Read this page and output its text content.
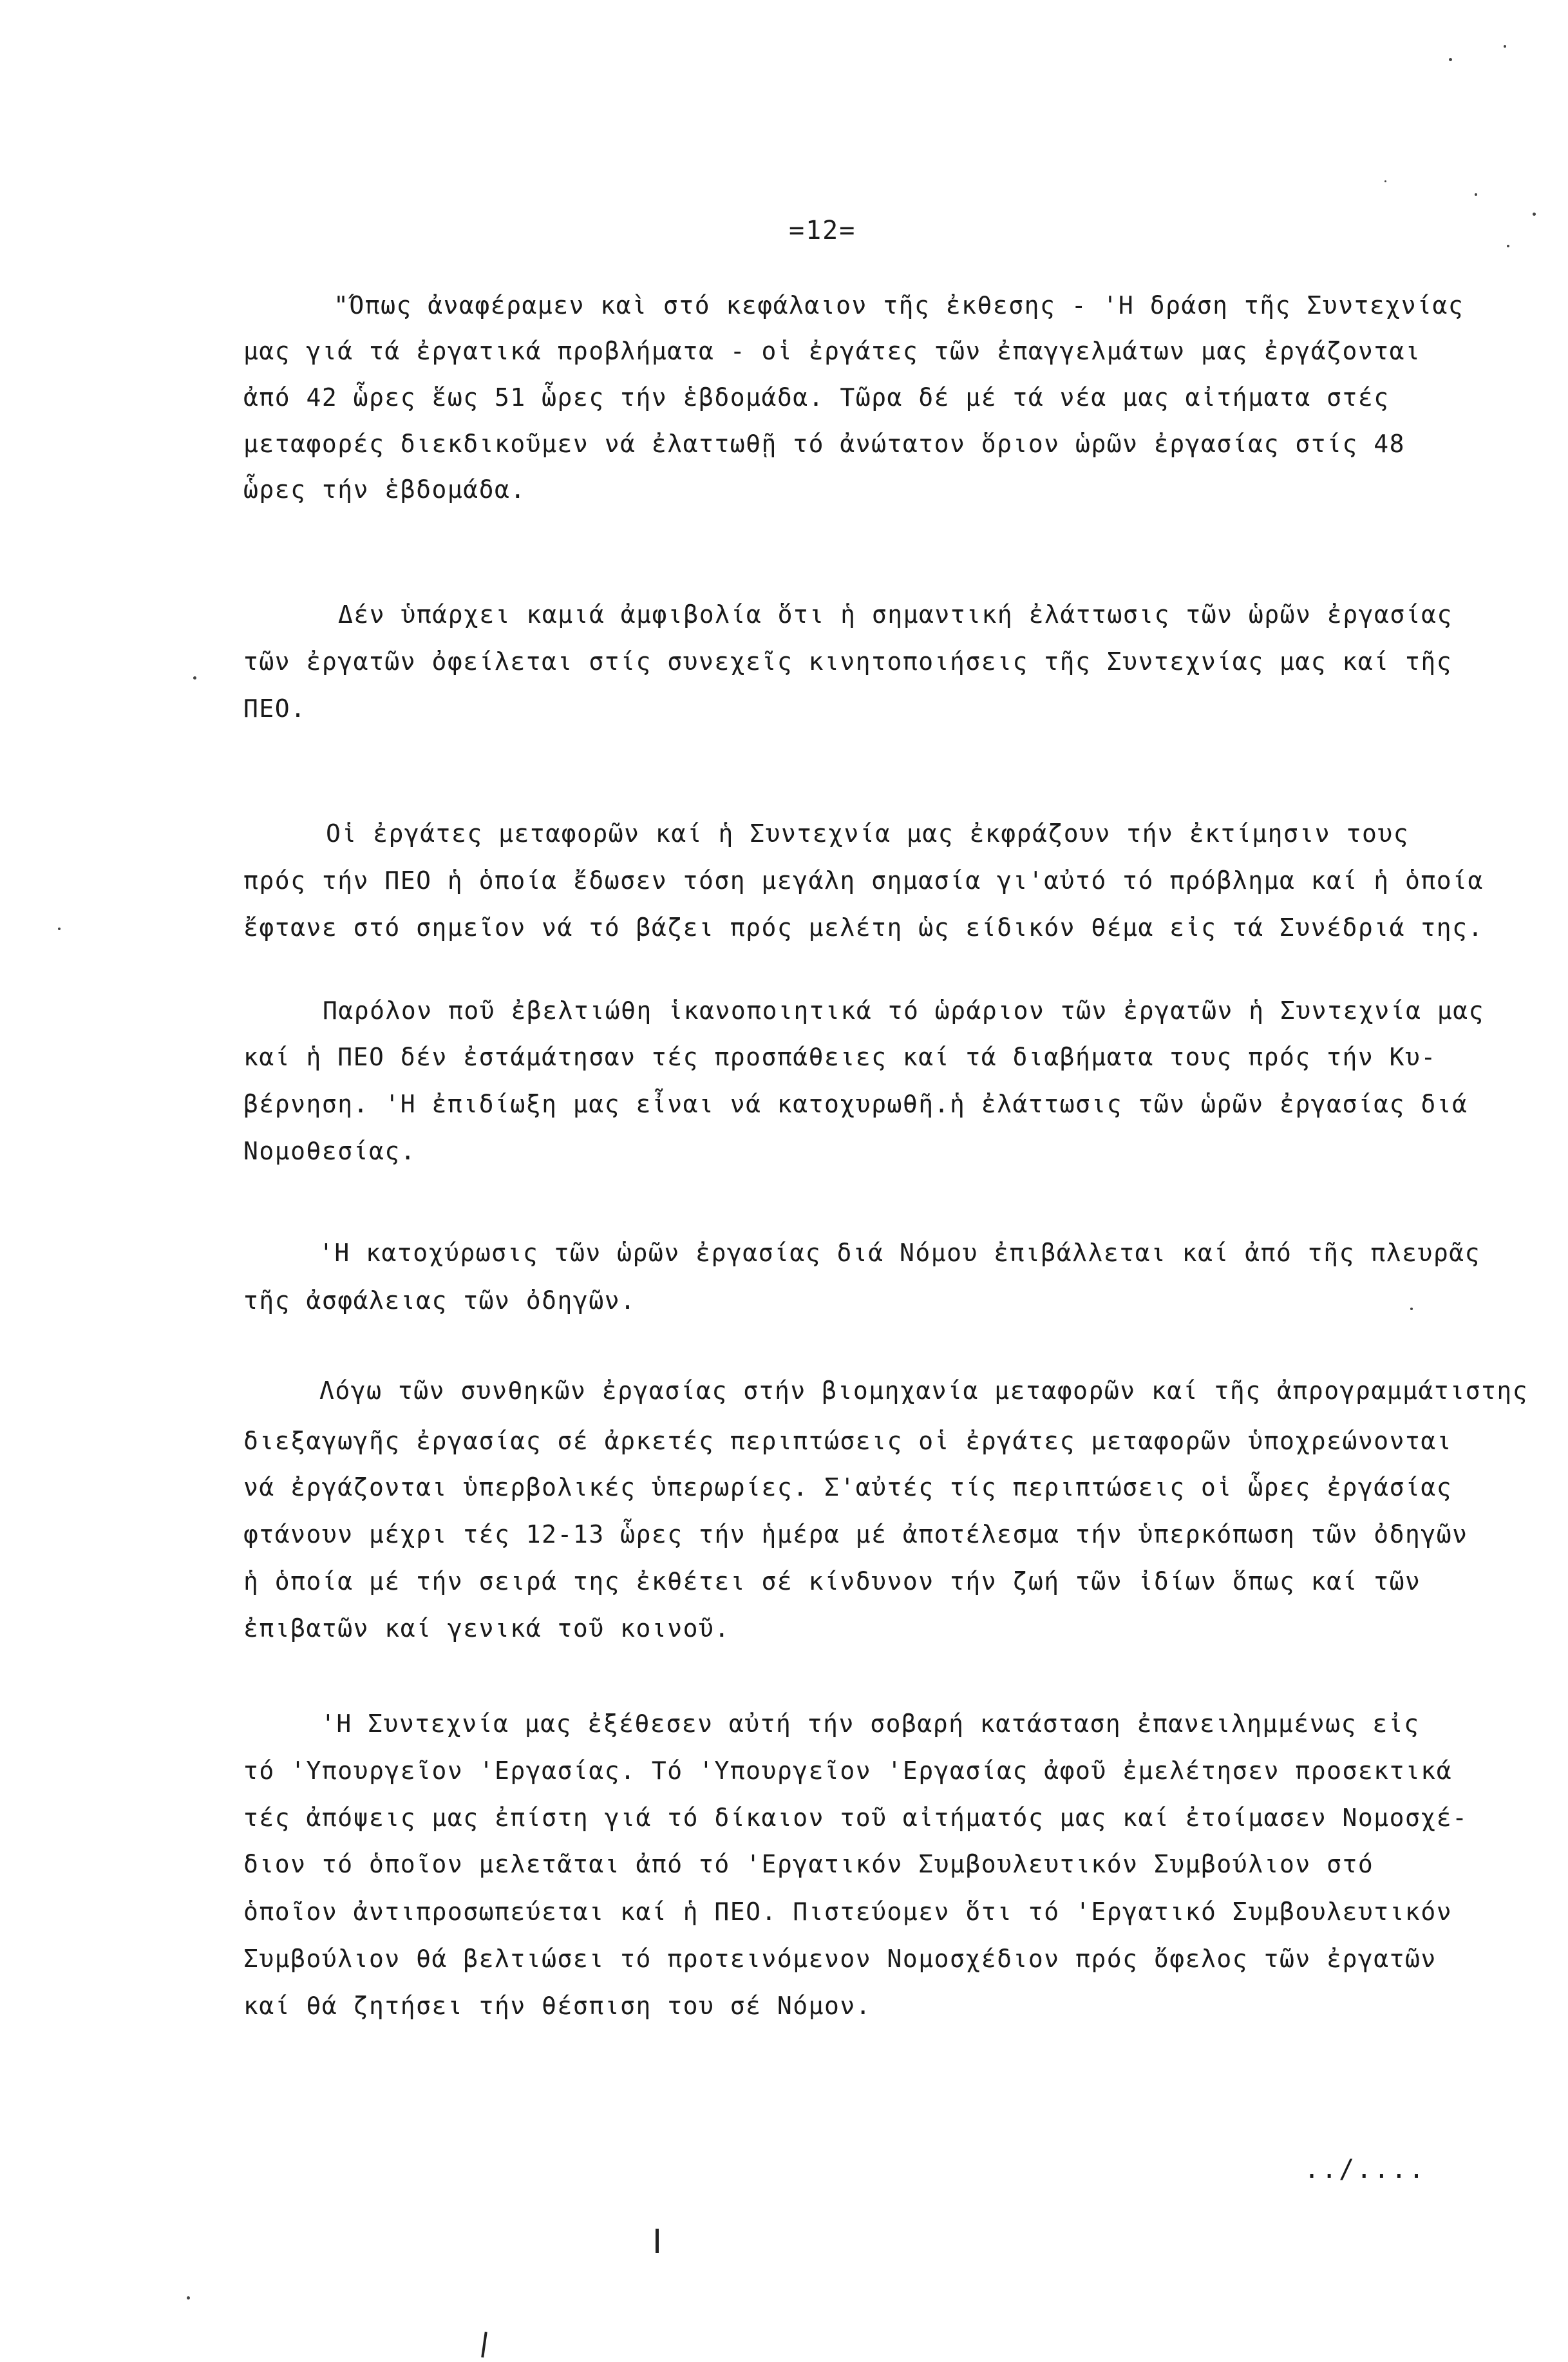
=12=
"Όπως ἀναφέραμεν καὶ στό κεφάλαιον τῆς ἐκθεσης - 'Η δράση τῆς Συντεχνίας
μας γιά τά ἐργατικά προβλήματα - οἱ ἐργάτες τῶν ἐπαγγελμάτων μας ἐργάζονται
ἀπό 42 ὧρες ἕως 51 ὧρες τήν ἑβδομάδα. Τῶρα δέ μέ τά νέα μας αἰτήματα στές
μεταφορές διεκδικοῦμεν νά ἐλαττωθῇ τό ἀνώτατον ὅριον ὡρῶν ἐργασίας στίς 48
ὧρες τήν ἑβδομάδα.
Δέν ὑπάρχει καμιά ἀμφιβολία ὅτι ἡ σημαντική ἐλάττωσις τῶν ὡρῶν ἐργασίας
τῶν ἐργατῶν ὀφείλεται στίς συνεχεῖς κινητοποιήσεις τῆς Συντεχνίας μας καί τῆς
ΠΕΟ.
Οἱ ἐργάτες μεταφορῶν καί ἡ Συντεχνία μας ἐκφράζουν τήν ἐκτίμησιν τους
πρός τήν ΠΕΟ ἡ ὁποία ἔδωσεν τόση μεγάλη σημασία γι'αὐτό τό πρόβλημα καί ἡ ὁποία
ἔφτανε στό σημεῖον νά τό βάζει πρός μελέτη ὡς είδικόν θέμα εἰς τά Συνέδριά της.
Παρόλον ποῦ ἐβελτιώθη ἱκανοποιητικά τό ὡράριον τῶν ἐργατῶν ἡ Συντεχνία μας
καί ἡ ΠΕΟ δέν ἐστάμάτησαν τές προσπάθειες καί τά διαβήματα τους πρός τήν Κυ-
βέρνηση. 'Η ἐπιδίωξη μας εἶναι νά κατοχυρωθῆ.ἡ ἐλάττωσις τῶν ὡρῶν ἐργασίας διά
Νομοθεσίας.
'Η κατοχύρωσις τῶν ὡρῶν ἐργασίας διά Νόμου ἐπιβάλλεται καί ἀπό τῆς πλευρᾶς
τῆς ἀσφάλειας τῶν ὀδηγῶν.
Λόγω τῶν συνθηκῶν ἐργασίας στήν βιομηχανία μεταφορῶν καί τῆς ἀπρογραμμάτιστης
διεξαγωγῆς ἐργασίας σέ ἀρκετές περιπτώσεις οἱ ἐργάτες μεταφορῶν ὑποχρεώνονται
νά ἐργάζονται ὑπερβολικές ὑπερωρίες. Σ'αὐτές τίς περιπτώσεις οἱ ὧρες ἐργάσίας
φτάνουν μέχρι τές 12-13 ὧρες τήν ἡμέρα μέ ἀποτέλεσμα τήν ὑπερκόπωση τῶν ὀδηγῶν
ἡ ὁποία μέ τήν σειρά της ἐκθέτει σέ κίνδυνον τήν ζωή τῶν ἰδίων ὅπως καί τῶν
ἐπιβατῶν καί γενικά τοῦ κοινοῦ.
'Η Συντεχνία μας ἐξέθεσεν αὐτή τήν σοβαρή κατάσταση ἐπανειλημμένως εἰς
τό 'Υπουργεῖον 'Εργασίας. Τό 'Υπουργεῖον 'Εργασίας ἀφοῦ ἐμελέτησεν προσεκτικά
τές ἀπόψεις μας ἐπίστη γιά τό δίκαιον τοῦ αἰτήματός μας καί ἐτοίμασεν Νομοσχέ-
διον τό ὁποῖον μελετᾶται ἀπό τό 'Εργατικόν Συμβουλευτικόν Συμβούλιον στό
ὁποῖον ἀντιπροσωπεύεται καί ἡ ΠΕΟ. Πιστεύομεν ὅτι τό 'Εργατικό Συμβουλευτικόν
Συμβούλιον θά βελτιώσει τό προτεινόμενον Νομοσχέδιον πρός ὄφελος τῶν ἐργατῶν
καί θά ζητήσει τήν θέσπιση του σέ Νόμον.
../....
